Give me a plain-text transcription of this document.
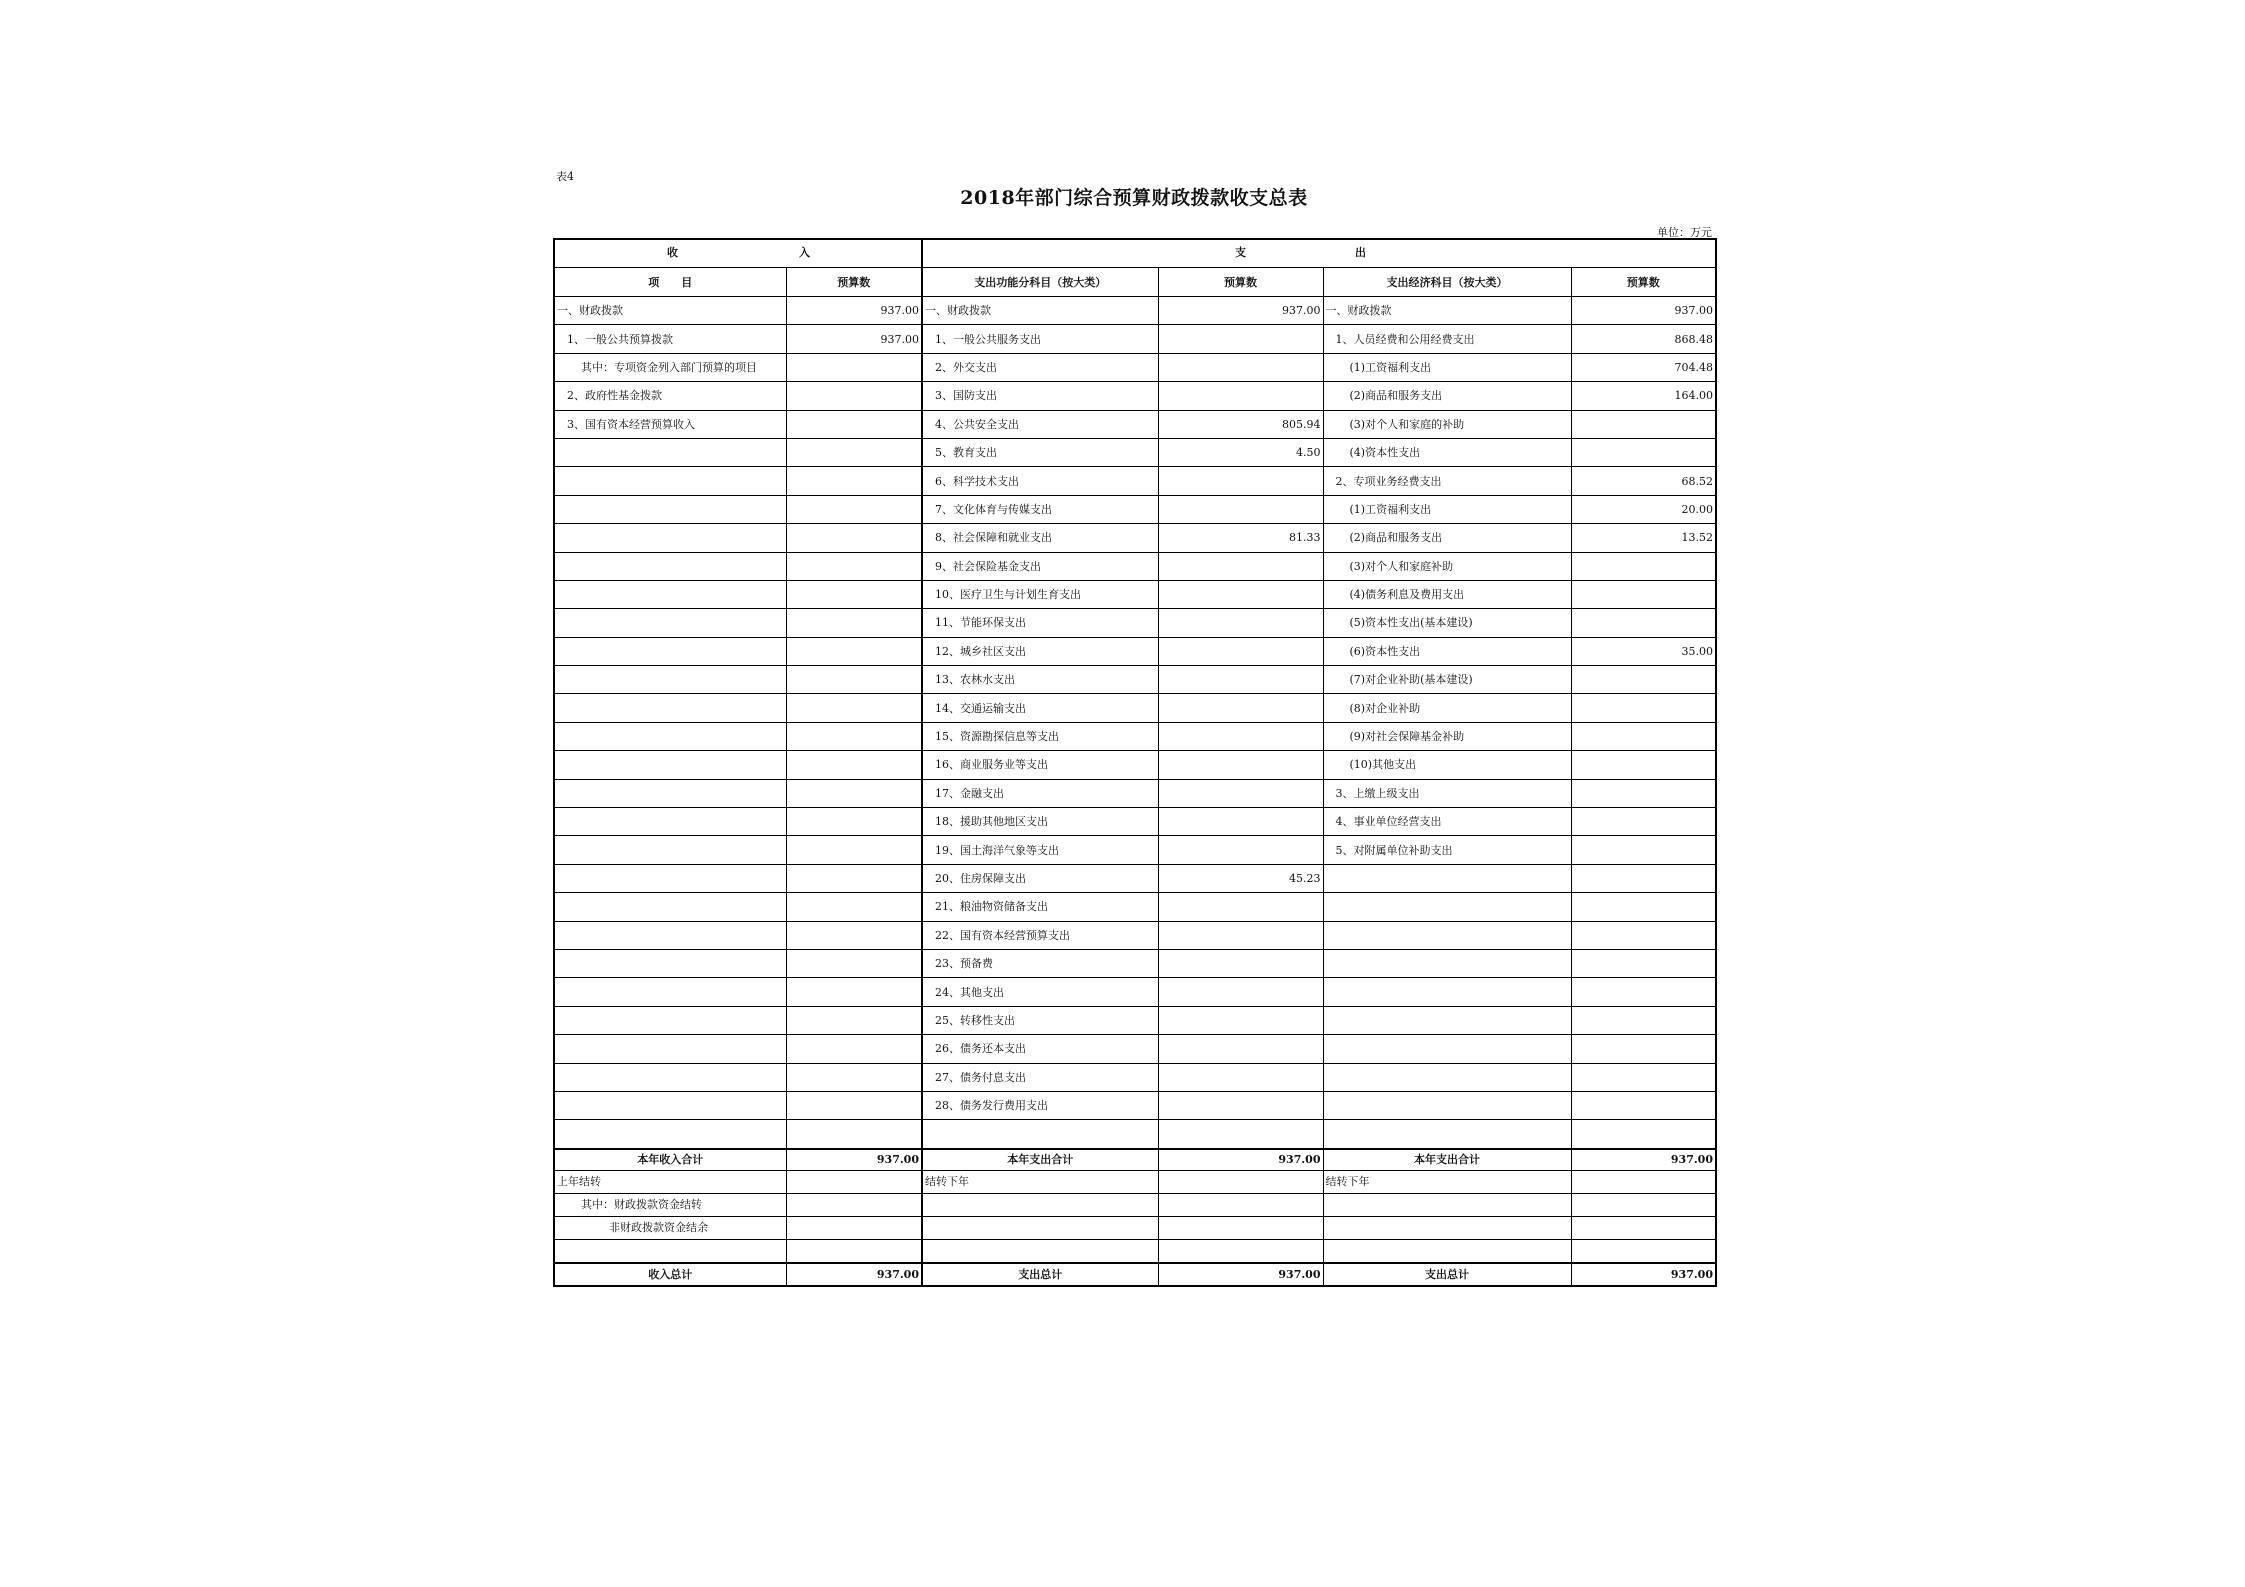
表4
2018年部门综合预算财政拨款收支总表
单位：万元
收 入		支 出			

项　　目	预算数	支出功能分科目（按大类）	预算数	支出经济科目（按大类）	预算数
一、财政拨款	937.00	一、财政拨款	937.00	一、财政拨款	937.00
1、一般公共预算拨款	937.00	1、一般公共服务支出		1、人员经费和公用经费支出	868.48
其中：专项资金列入部门预算的项目		2、外交支出		(1)工资福利支出	704.48
2、政府性基金拨款		3、国防支出		(2)商品和服务支出	164.00
3、国有资本经营预算收入		4、公共安全支出	805.94	(3)对个人和家庭的补助	
		5、教育支出	4.50	(4)资本性支出	
		6、科学技术支出		2、专项业务经费支出	68.52
		7、文化体育与传媒支出		(1)工资福利支出	20.00
		8、社会保障和就业支出	81.33	(2)商品和服务支出	13.52
		9、社会保险基金支出		(3)对个人和家庭补助	
		10、医疗卫生与计划生育支出		(4)债务利息及费用支出	
		11、节能环保支出		(5)资本性支出(基本建设)	
		12、城乡社区支出		(6)资本性支出	35.00
		13、农林水支出		(7)对企业补助(基本建设)	
		14、交通运输支出		(8)对企业补助	
		15、资源勘探信息等支出		(9)对社会保障基金补助	
		16、商业服务业等支出		(10)其他支出	
		17、金融支出		3、上缴上级支出	
		18、援助其他地区支出		4、事业单位经营支出	
		19、国土海洋气象等支出		5、对附属单位补助支出	
		20、住房保障支出	45.23		
		21、粮油物资储备支出			
		22、国有资本经营预算支出			
		23、预备费			
		24、其他支出			
		25、转移性支出			
		26、债务还本支出			
		27、债务付息支出			
		28、债务发行费用支出			

本年收入合计	937.00	本年支出合计	937.00	本年支出合计	937.00
上年结转		结转下年		结转下年	
其中：财政拨款资金结转					
非财政拨款资金结余					

收入总计	937.00	支出总计	937.00	支出总计	937.00
